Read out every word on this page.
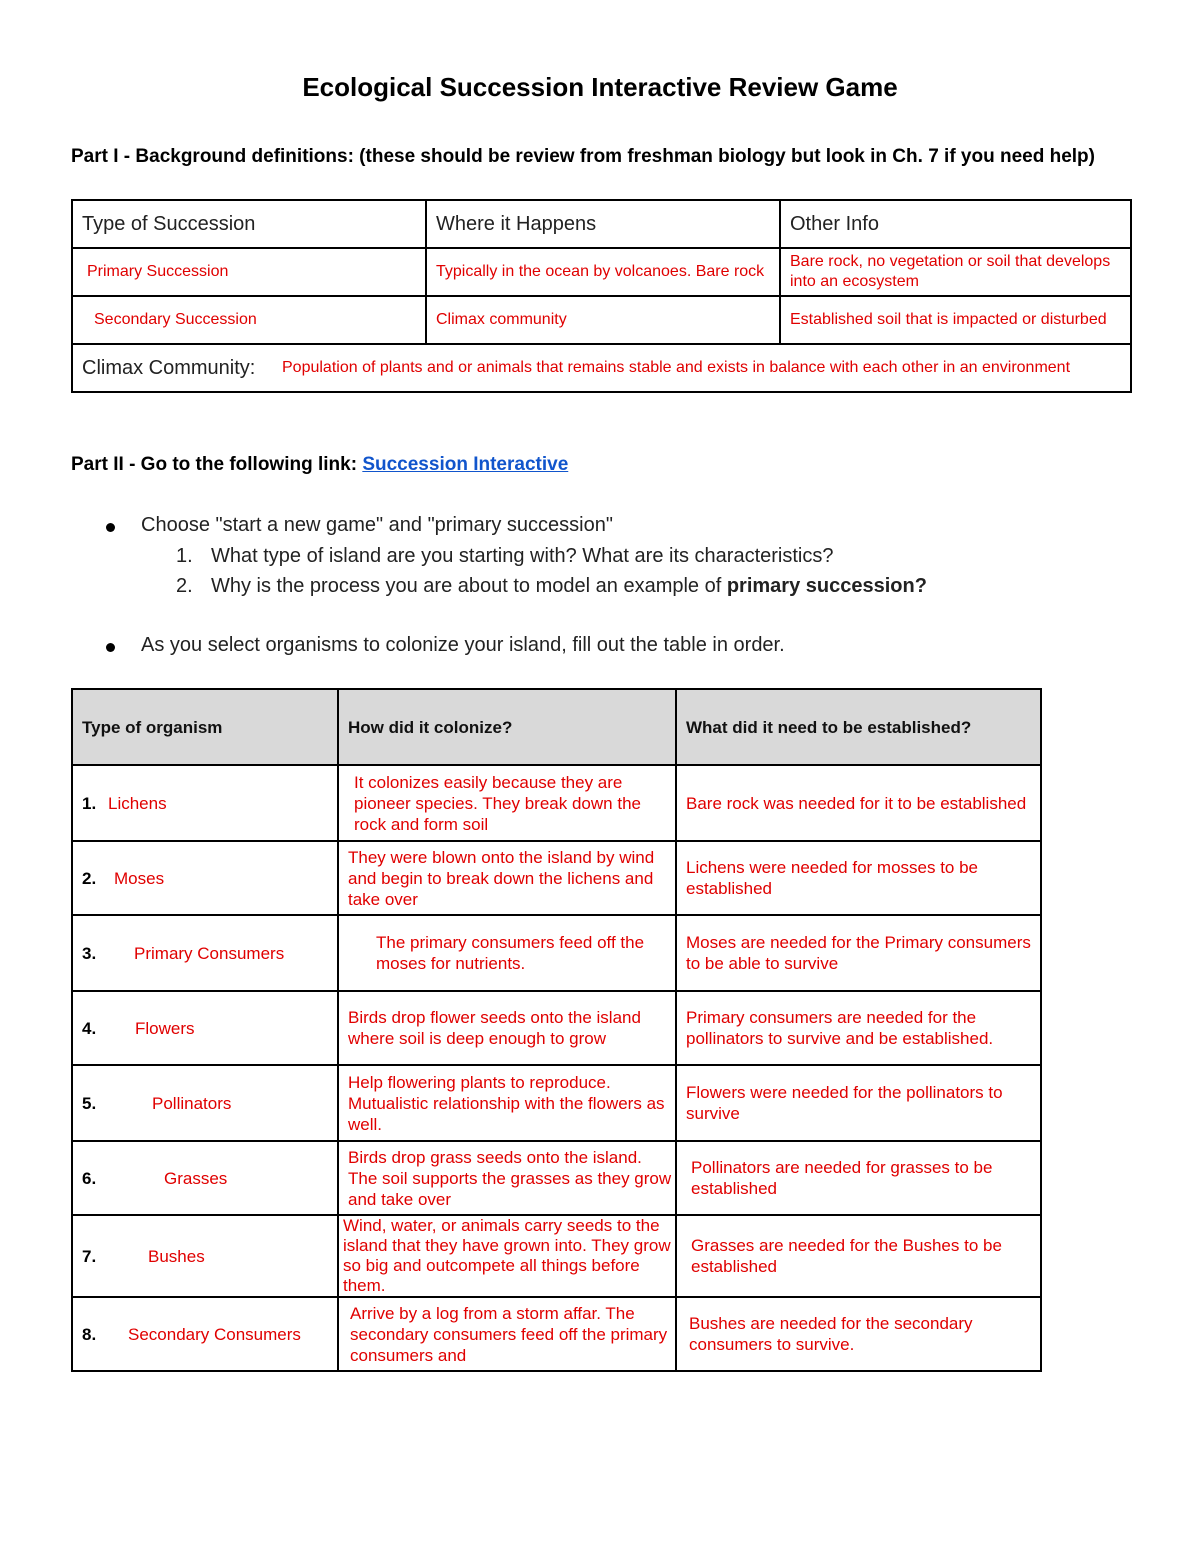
Ecological Succession Interactive Review Game
Part I - Background definitions: (these should be review from freshman biology but look in Ch. 7 if you need help)
Type of Succession	Where it Happens	Other Info
Primary Succession	Typically in the ocean by volcanoes. Bare rock	Bare rock, no vegetation or soil that develops into an ecosystem
Secondary Succession	Climax community	Established soil that is impacted or disturbed

Climax Community: Population of plants and or animals that remains stable and exists in balance with each other in an environment		
Part II - Go to the following link: Succession Interactive
Choose "start a new game" and "primary succession"
1. What type of island are you starting with? What are its characteristics?
2. Why is the process you are about to model an example of primary succession?
As you select organisms to colonize your island, fill out the table in order.
Type of organism	How did it colonize?	What did it need to be established?

1. Lichens	It colonizes easily because they are pioneer species. They break down the rock and form soil	Bare rock was needed for it to be established

2. Moses	They were blown onto the island by wind and begin to break down the lichens and take over	Lichens were needed for mosses to be established

3. Primary Consumers	The primary consumers feed off the moses for nutrients.	Moses are needed for the Primary consumers to be able to survive

4. Flowers	Birds drop flower seeds onto the island where soil is deep enough to grow	Primary consumers are needed for the pollinators to survive and be established.

5. Pollinators	Help flowering plants to reproduce. Mutualistic relationship with the flowers as well.	Flowers were needed for the pollinators to survive

6. Grasses	Birds drop grass seeds onto the island. The soil supports the grasses as they grow and take over	Pollinators are needed for grasses to be established

7. Bushes	Wind, water, or animals carry seeds to the island that they have grown into. They grow so big and outcompete all things before them.	Grasses are needed for the Bushes to be established

8. Secondary Consumers	Arrive by a log from a storm affar. The secondary consumers feed off the primary consumers and	Bushes are needed for the secondary consumers to survive.
